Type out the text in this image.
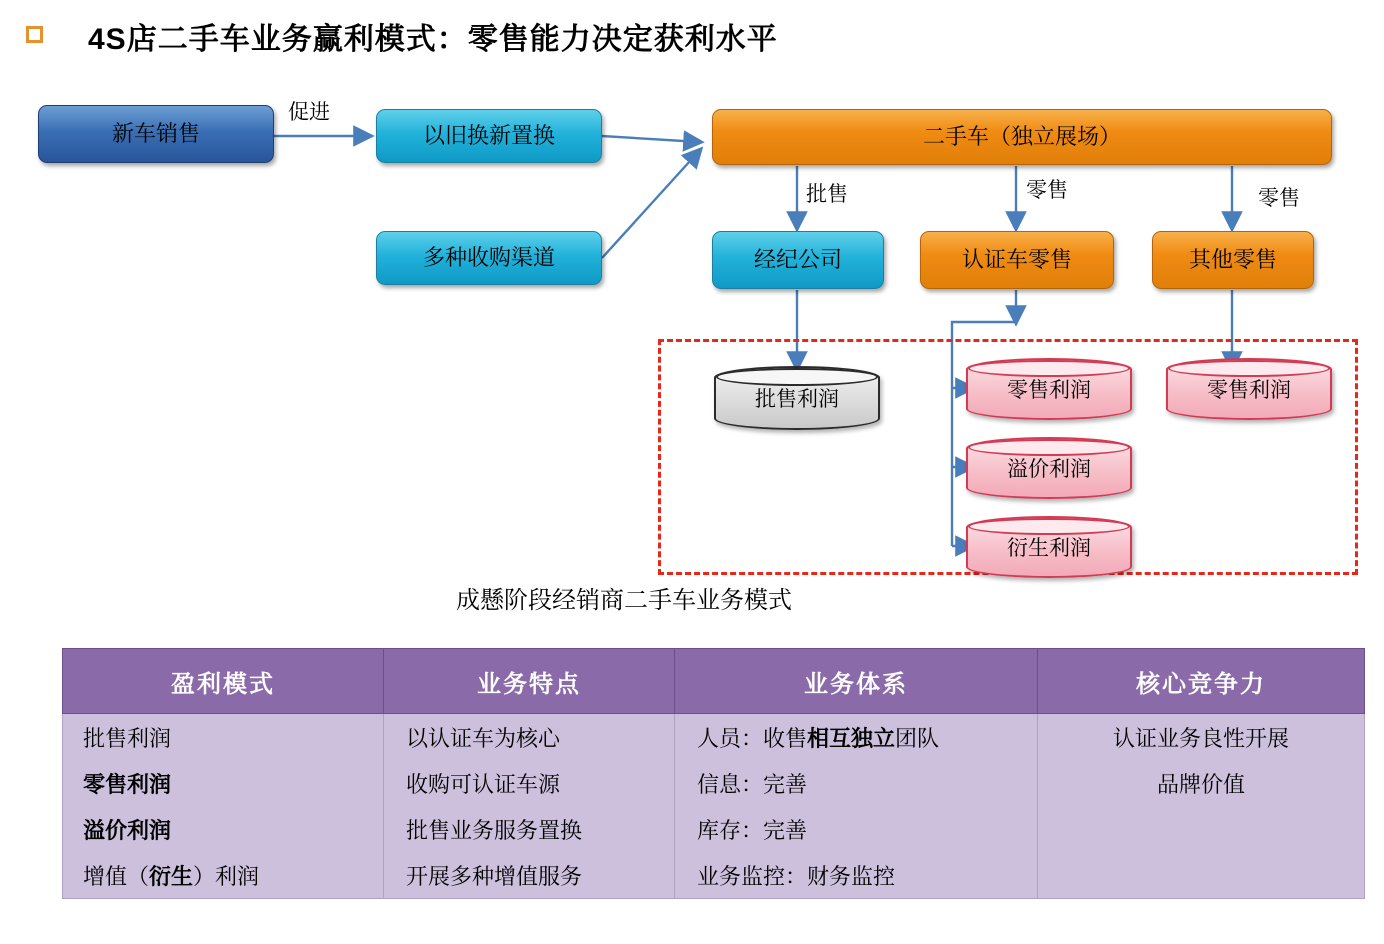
4S店二手车业务赢利模式：零售能力决定获利水平
新车销售	以旧换新置换
多种收购渠道
二手车（独立展场）
经纪公司	认证车零售	其他零售
促进
批售	零售	零售
批售利润	零售利润
溢价利润
衍生利润
零售利润
成懸阶段经销商二手车业务模式
盈利模式	业务特点	业务体系	核心竞争力
批售利润	以认证车为核心	人员：收售相互独立团队	认证业务良性开展
零售利润	收购可认证车源	信息：完善	品牌价值
溢价利润	批售业务服务置换	库存：完善	
增值（衍生）利润	开展多种增值服务	业务监控：财务监控	
